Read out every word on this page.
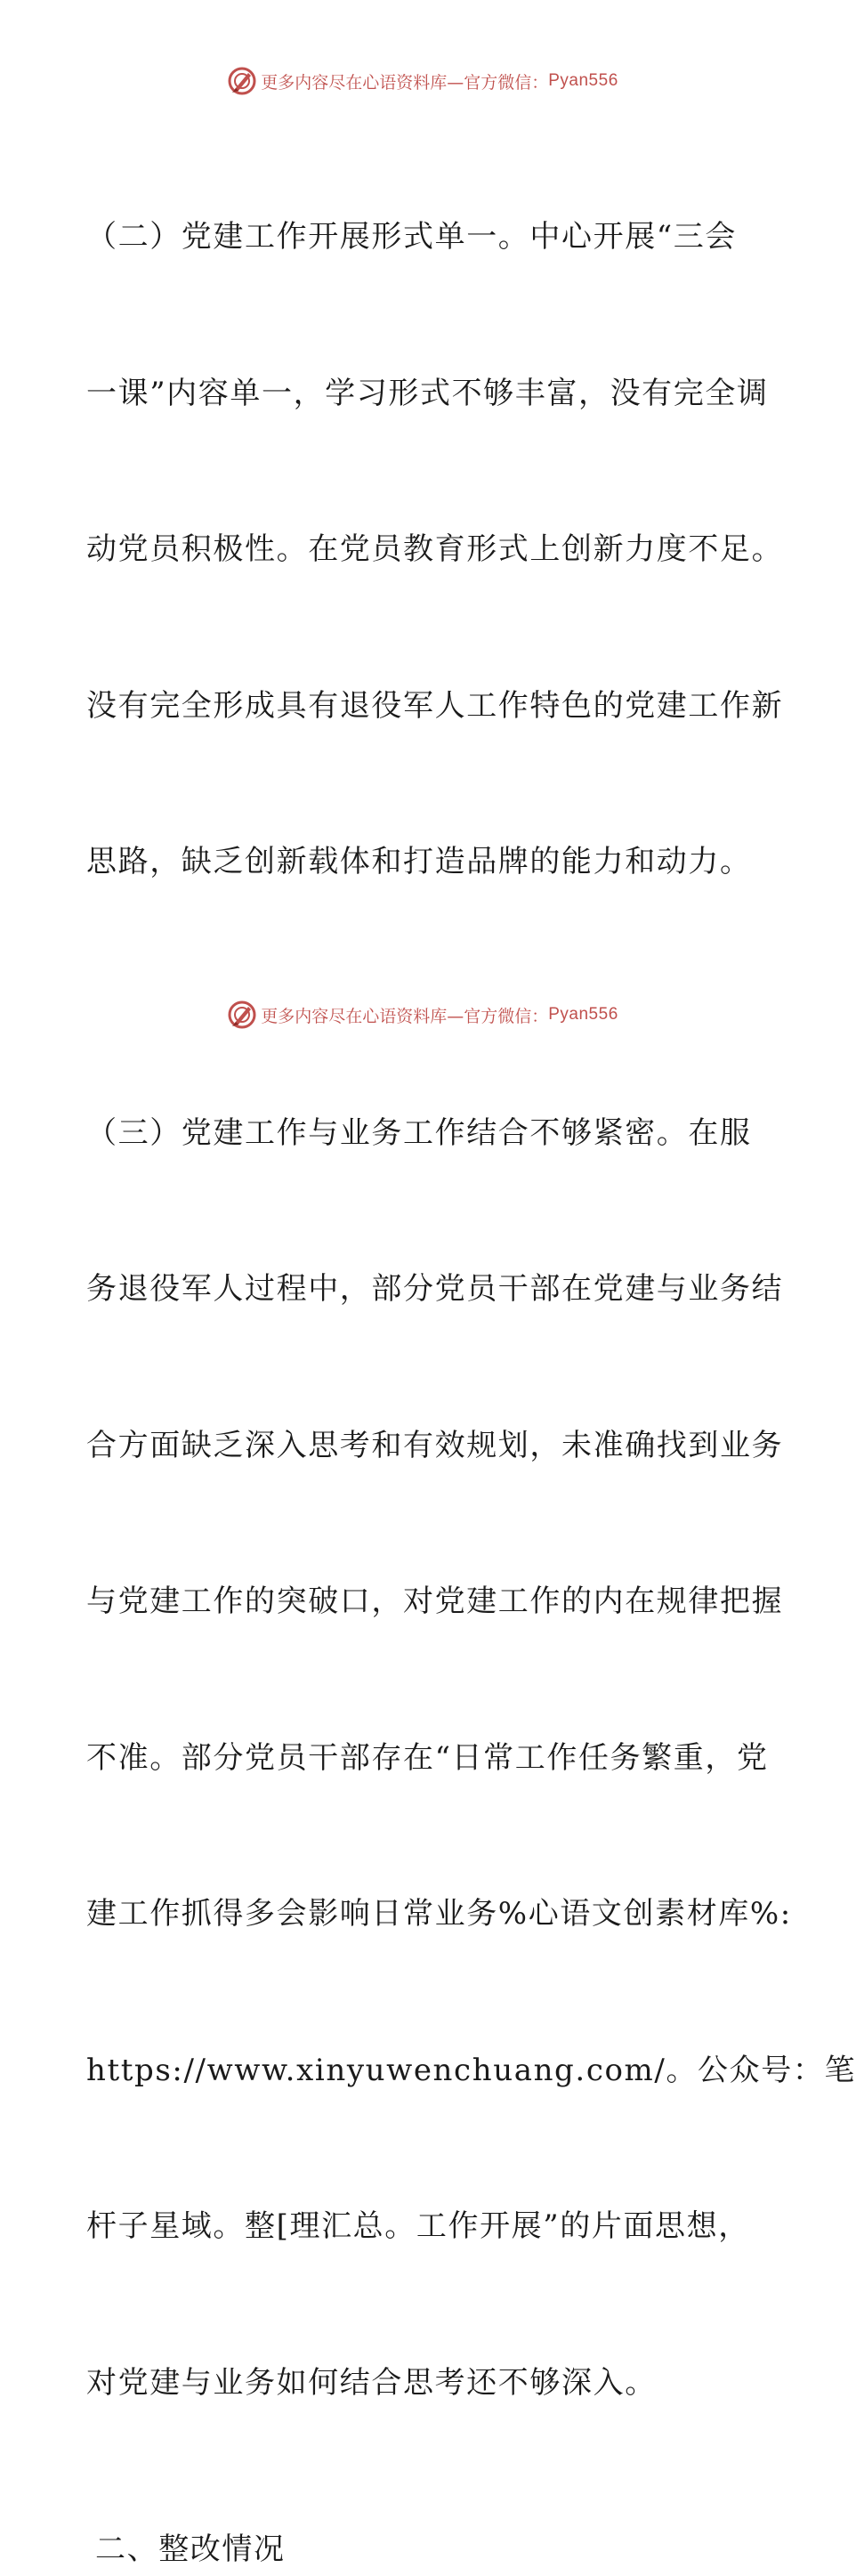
更多内容尽在心语资料库—官方微信： Pyan556

（二）党建工作开展形式单一。中心开展“三会

一课”内容单一，学习形式不够丰富，没有完全调

动党员积极性。在党员教育形式上创新力度不足。

没有完全形成具有退役军人工作特色的党建工作新

思路，缺乏创新载体和打造品牌的能力和动力。

（三）党建工作与业务工作结合不够紧密。在服

务退役军人过程中，部分党员干部在党建与业务结

合方面缺乏深入思考和有效规划，未准确找到业务

与党建工作的突破口，对党建工作的内在规律把握

不准。部分党员干部存在“日常工作任务繁重，党

建工作抓得多会影响日常业务%心语文创素材库%:

https://www.xinyuwenchuang.com/。公众号：笔

杆子星域。整[理汇总。工作开展”的片面思想，

对党建与业务如何结合思考还不够深入。

二、整改情况

更多内容尽在心语资料库—官方微信： Pyan556
